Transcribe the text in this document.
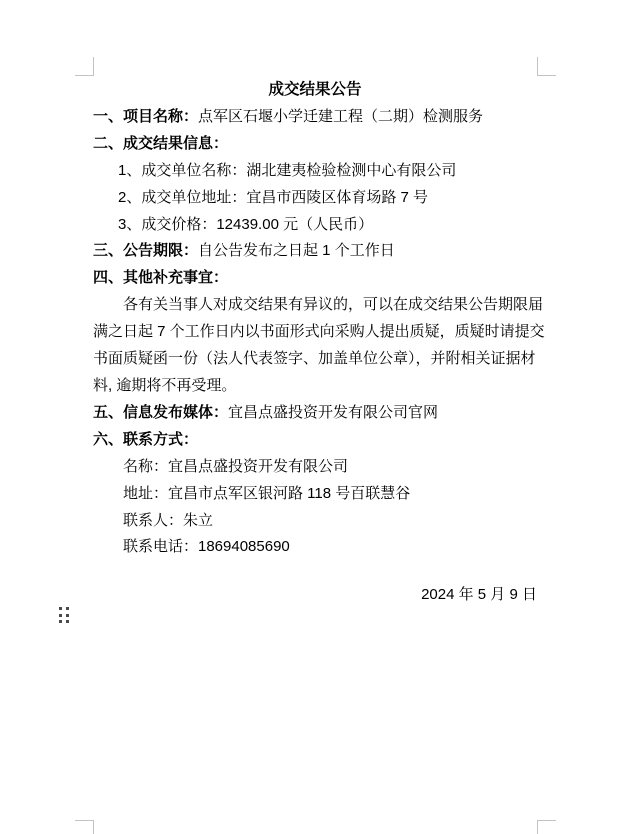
成交结果公告
一、项目名称：点军区石堰小学迁建工程（二期）检测服务
二、成交结果信息：
1、成交单位名称：湖北建夷检验检测中心有限公司
2、成交单位地址：宜昌市西陵区体育场路 7 号
3、成交价格：12439.00 元（人民币）
三、公告期限：自公告发布之日起 1 个工作日
四、其他补充事宜：
各有关当事人对成交结果有异议的，可以在成交结果公告期限届
满之日起 7 个工作日内以书面形式向采购人提出质疑，质疑时请提交
书面质疑函一份（法人代表签字、加盖单位公章），并附相关证据材
料, 逾期将不再受理。
五、信息发布媒体：宜昌点盛投资开发有限公司官网
六、联系方式：
名称：宜昌点盛投资开发有限公司
地址：宜昌市点军区银河路 118 号百联慧谷
联系人：朱立
联系电话：18694085690
2024 年 5 月 9 日
